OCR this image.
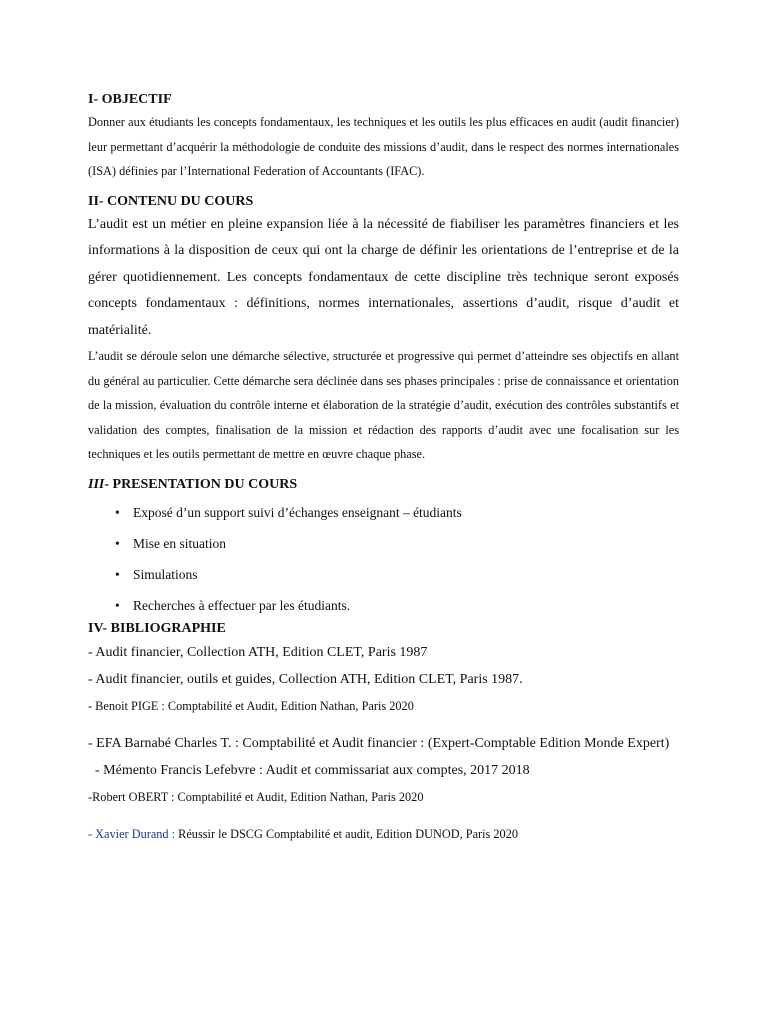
I- OBJECTIF

Donner aux étudiants les concepts fondamentaux, les techniques et les outils les plus efficaces en audit (audit financier) leur permettant d’acquérir la méthodologie de conduite des missions d’audit, dans le respect des normes internationales (ISA) définies par l’International Federation of Accountants (IFAC).

II- CONTENU DU COURS

L’audit est un métier en pleine expansion liée à la nécessité de fiabiliser les paramètres financiers et les informations à la disposition de ceux qui ont la charge de définir les orientations de l’entreprise et de la gérer quotidiennement. Les concepts fondamentaux de cette discipline très technique seront exposés concepts fondamentaux : définitions, normes internationales, assertions d’audit, risque d’audit et matérialité.

L’audit se déroule selon une démarche sélective, structurée et progressive qui permet d’atteindre ses objectifs en allant du général au particulier. Cette démarche sera déclinée dans ses phases principales : prise de connaissance et orientation de la mission, évaluation du contrôle interne et élaboration de la stratégie d’audit, exécution des contrôles substantifs et validation des comptes, finalisation de la mission et rédaction des rapports d’audit avec une focalisation sur les techniques et les outils permettant de mettre en œuvre chaque phase.

III- PRESENTATION DU COURS

• Exposé d’un support suivi d’échanges enseignant – étudiants
• Mise en situation
• Simulations
• Recherches à effectuer par les étudiants.

IV- BIBLIOGRAPHIE

- Audit financier, Collection ATH, Edition CLET, Paris 1987

- Audit financier, outils et guides, Collection ATH, Edition CLET, Paris 1987.

- Benoit PIGE : Comptabilité et Audit, Edition Nathan, Paris 2020

- EFA Barnabé Charles T. : Comptabilité et Audit financier : (Expert-Comptable Edition Monde Expert)

- Mémento Francis Lefebvre : Audit et commissariat aux comptes, 2017 2018

-Robert OBERT : Comptabilité et Audit, Edition Nathan, Paris 2020

- Xavier Durand : Réussir le DSCG Comptabilité et audit, Edition DUNOD, Paris 2020
